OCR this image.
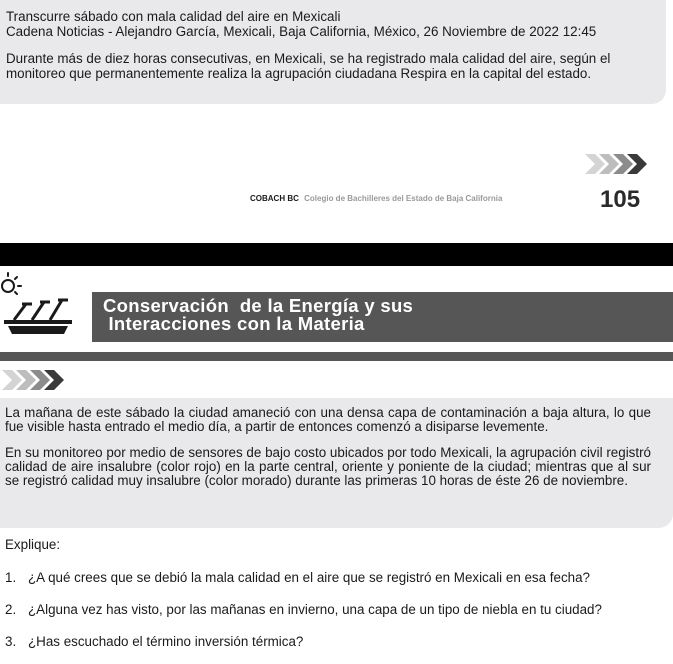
Transcurre sábado con mala calidad del aire en Mexicali
Cadena Noticias - Alejandro García, Mexicali, Baja California, México, 26 Noviembre de 2022 12:45
Durante más de diez horas consecutivas, en Mexicali, se ha registrado mala calidad del aire, según el monitoreo que permanentemente realiza la agrupación ciudadana Respira en la capital del estado.
COBACH BC Colegio de Bachilleres del Estado de Baja California	105
Conservación  de la Energía y sus
Interacciones con la Materia
La mañana de este sábado la ciudad amaneció con una densa capa de contaminación a baja altura, lo que fue visible hasta entrado el medio día, a partir de entonces comenzó a disiparse levemente.
En su monitoreo por medio de sensores de bajo costo ubicados por todo Mexicali, la agrupación civil registró calidad de aire insalubre (color rojo) en la parte central, oriente y poniente de la ciudad; mientras que al sur se registró calidad muy insalubre (color morado) durante las primeras 10 horas de éste 26 de noviembre.
Explique:
1. ¿A qué crees que se debió la mala calidad en el aire que se registró en Mexicali en esa fecha?
2. ¿Alguna vez has visto, por las mañanas en invierno, una capa de un tipo de niebla en tu ciudad?
3. ¿Has escuchado el término inversión térmica?
